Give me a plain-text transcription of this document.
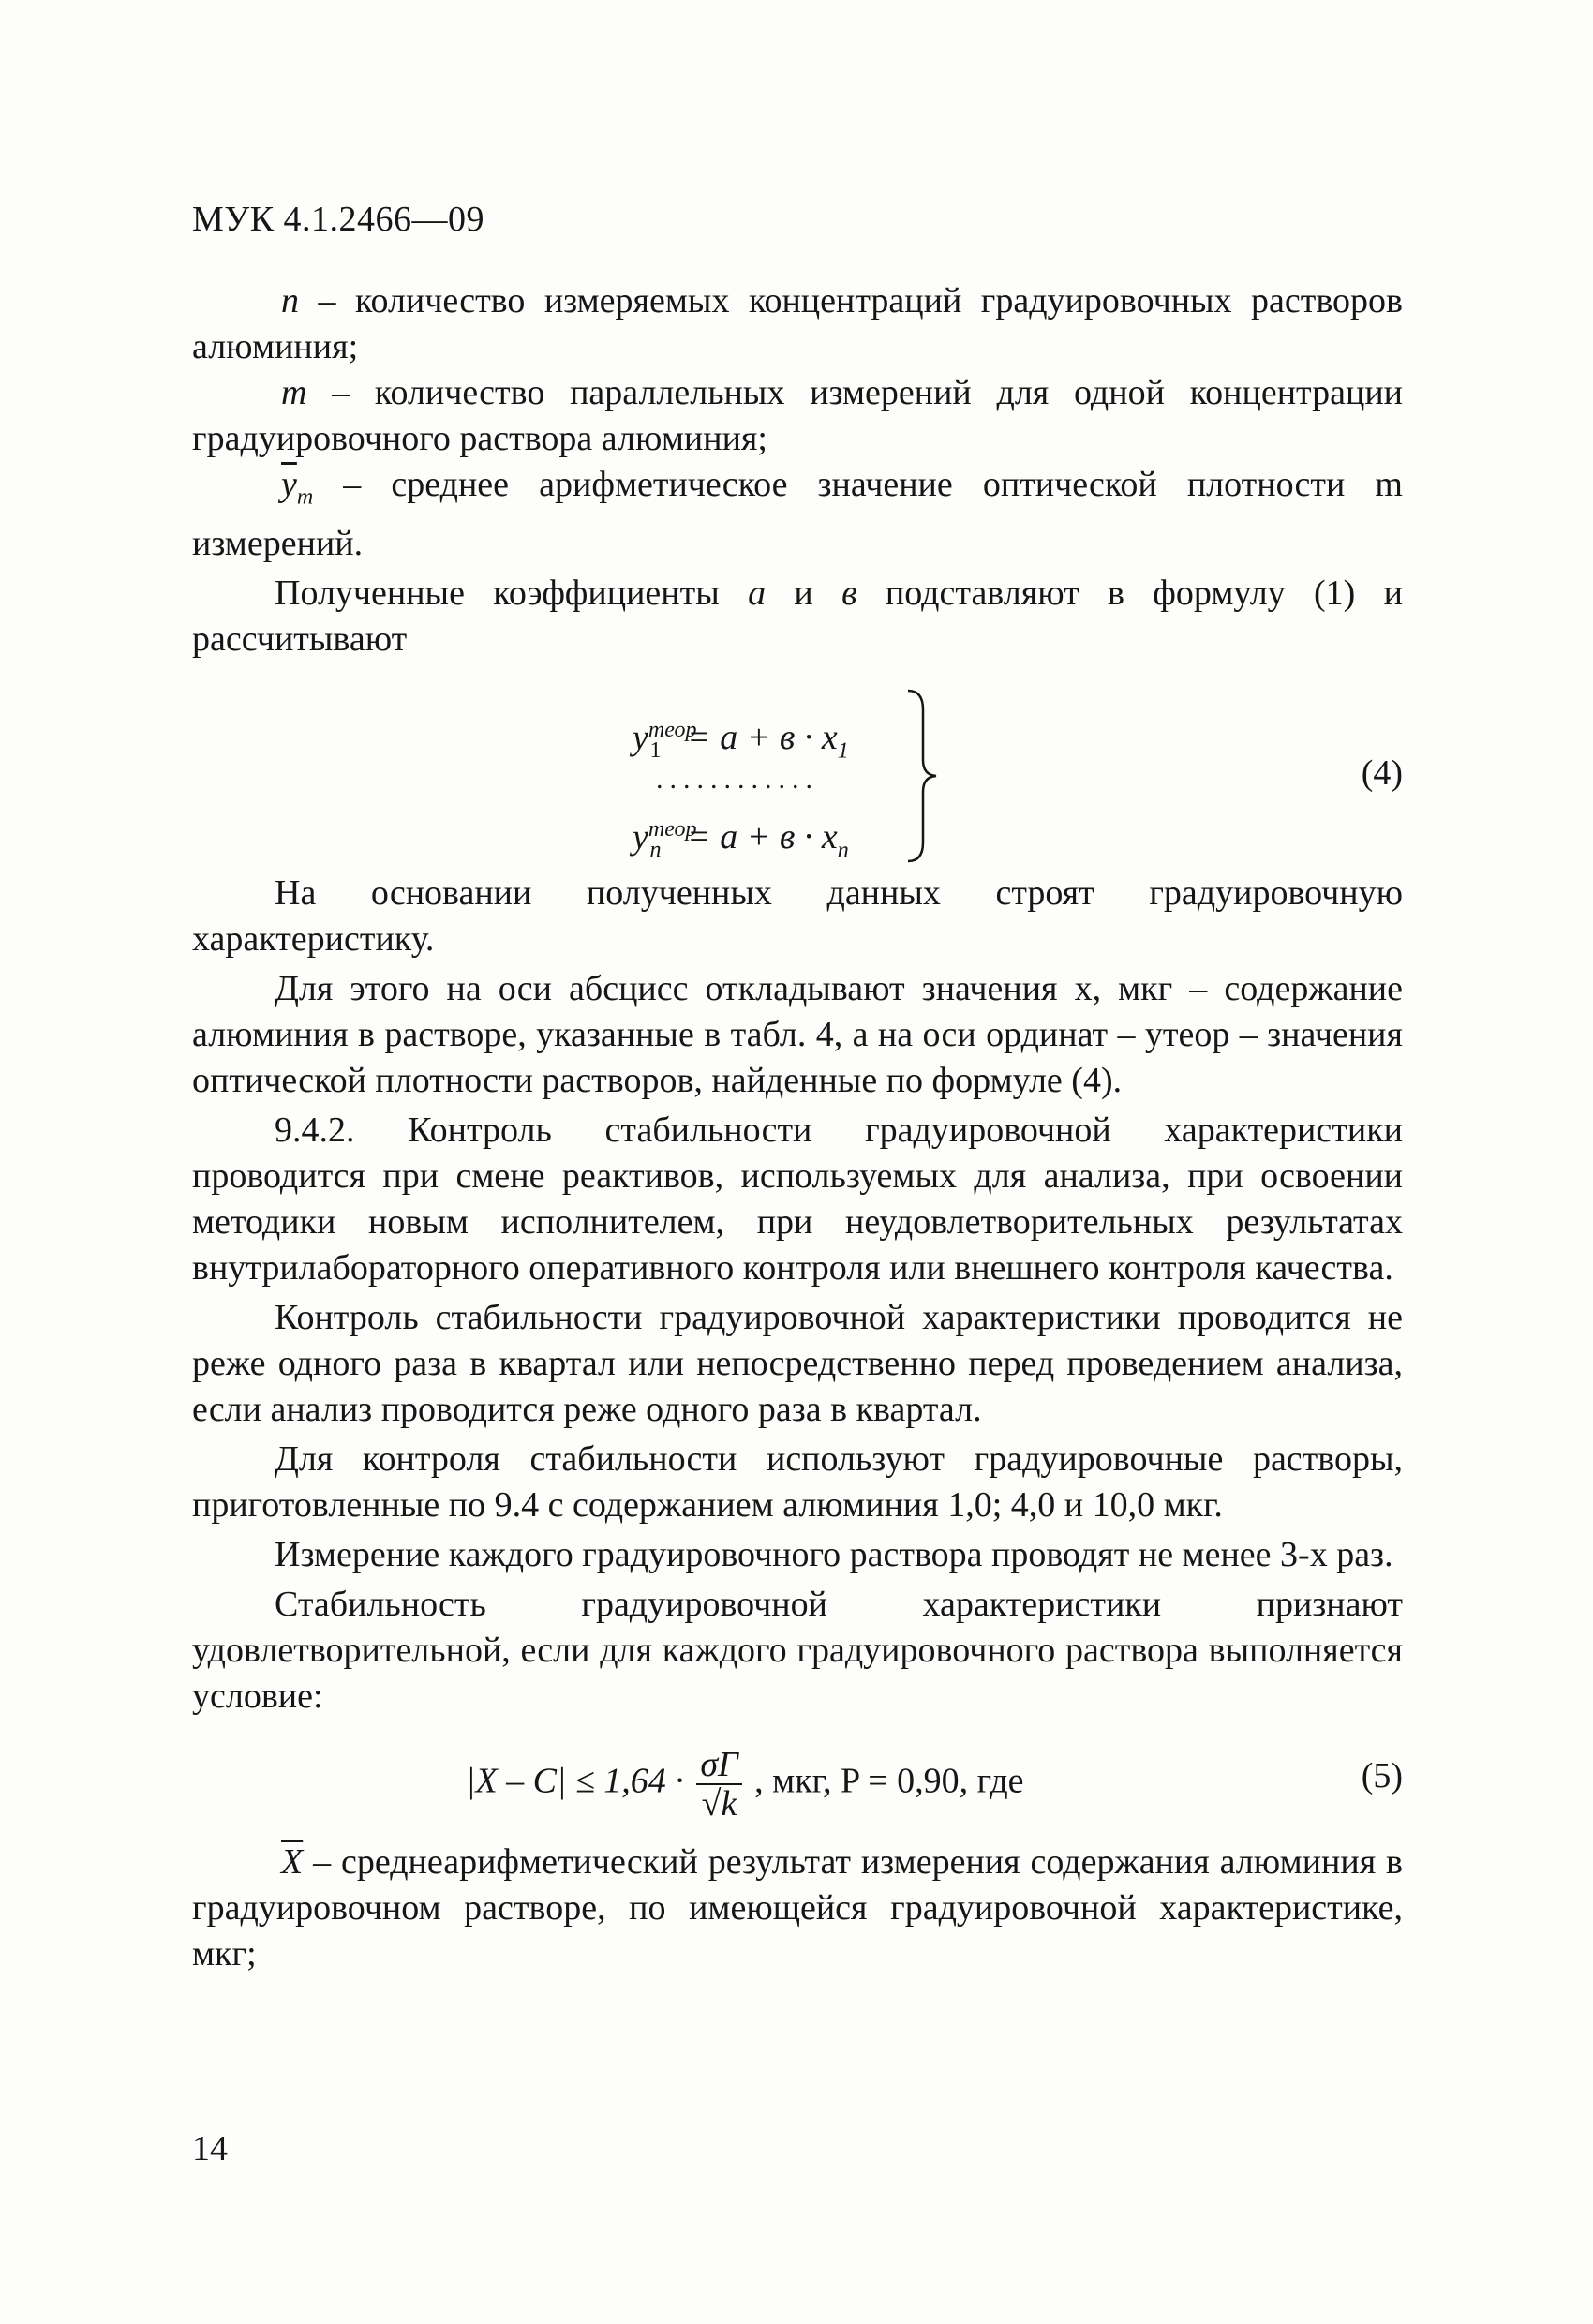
МУК 4.1.2466—09

n – количество измеряемых концентраций градуировочных растворов алюминия;

m – количество параллельных измерений для одной концентрации градуировочного раствора алюминия;

$\overline{y}_m$ – среднее арифметическое значение оптической плотности m измерений.

Полученные коэффициенты a и в подставляют в формулу (1) и рассчитывают

$y^{теор}_1 = a + в \cdot x_1$
............
$y^{теор}_n = a + в \cdot x_n$
(4)

На основании полученных данных строят градуировочную характеристику.

Для этого на оси абсцисс откладывают значения x, мкг – содержание алюминия в растворе, указанные в табл. 4, а на оси ординат – yтеор – значения оптической плотности растворов, найденные по формуле (4).

9.4.2. Контроль стабильности градуировочной характеристики проводится при смене реактивов, используемых для анализа, при освоении методики новым исполнителем, при неудовлетворительных результатах внутрилабораторного оперативного контроля или внешнего контроля качества.

Контроль стабильности градуировочной характеристики проводится не реже одного раза в квартал или непосредственно перед проведением анализа, если анализ проводится реже одного раза в квартал.

Для контроля стабильности используют градуировочные растворы, приготовленные по 9.4 с содержанием алюминия 1,0; 4,0 и 10,0 мкг.

Измерение каждого градуировочного раствора проводят не менее 3-х раз.

Стабильность градуировочной характеристики признают удовлетворительной, если для каждого градуировочного раствора выполняется условие:

$|X - C| \le 1,64 \cdot \frac{\sigma Г}{√k}$ , мкг, P = 0,90, где	(5)

$\overline{X}$ – среднеарифметический результат измерения содержания алюминия в градуировочном растворе, по имеющейся градуировочной характеристике, мкг;

14
